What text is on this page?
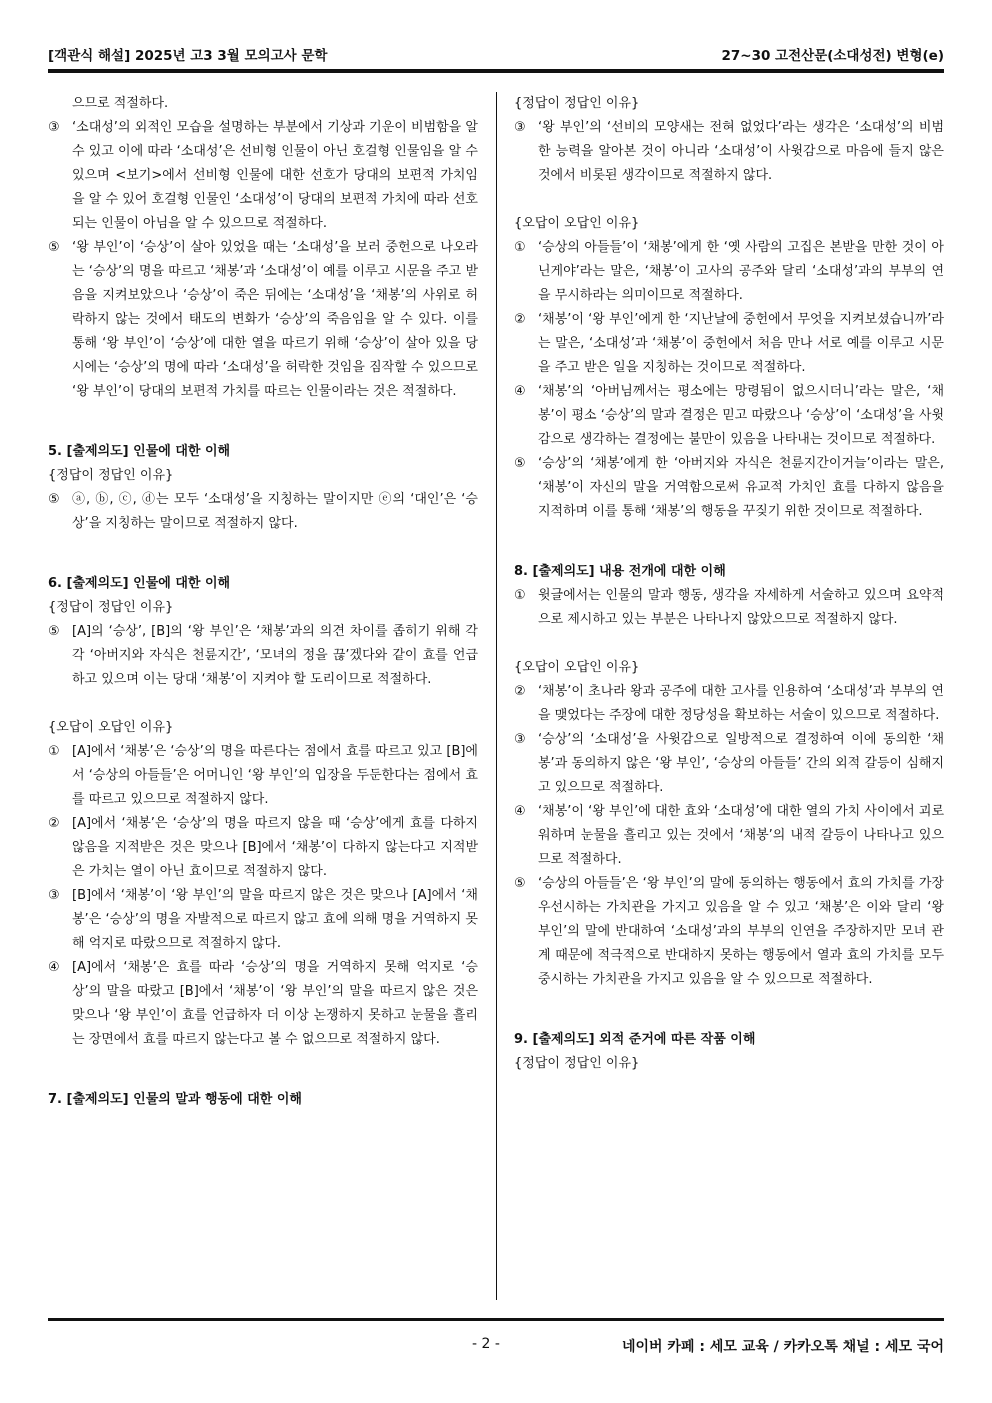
[객관식 해설] 2025년 고3 3월 모의고사 문학	27~30 고전산문(소대성전) 변형(e)
으므로 적절하다.
③ ‘소대성’의 외적인 모습을 설명하는 부분에서 기상과 기운이 비범함을 알 수 있고 이에 따라 ‘소대성’은 선비형 인물이 아닌 호걸형 인물임을 알 수 있으며 <보기>에서 선비형 인물에 대한 선호가 당대의 보편적 가치임을 알 수 있어 호걸형 인물인 ‘소대성’이 당대의 보편적 가치에 따라 선호되는 인물이 아님을 알 수 있으므로 적절하다.
⑤ ‘왕 부인’이 ‘승상’이 살아 있었을 때는 ‘소대성’을 보러 중헌으로 나오라는 ‘승상’의 명을 따르고 ‘채봉’과 ‘소대성’이 예를 이루고 시문을 주고 받음을 지켜보았으나 ‘승상’이 죽은 뒤에는 ‘소대성’을 ‘채봉’의 사위로 허락하지 않는 것에서 태도의 변화가 ‘승상’의 죽음임을 알 수 있다. 이를 통해 ‘왕 부인’이 ‘승상’에 대한 열을 따르기 위해 ‘승상’이 살아 있을 당시에는 ‘승상’의 명에 따라 ‘소대성’을 허락한 것임을 짐작할 수 있으므로 ‘왕 부인’이 당대의 보편적 가치를 따르는 인물이라는 것은 적절하다.
5. [출제의도] 인물에 대한 이해
{정답이 정답인 이유}
⑤ ⓐ, ⓑ, ⓒ, ⓓ는 모두 ‘소대성’을 지칭하는 말이지만 ⓔ의 ‘대인’은 ‘승상’을 지칭하는 말이므로 적절하지 않다.
6. [출제의도] 인물에 대한 이해
{정답이 정답인 이유}
⑤ [A]의 ‘승상’, [B]의 ‘왕 부인’은 ‘채봉’과의 의견 차이를 좁히기 위해 각각 ‘아버지와 자식은 천륜지간’, ‘모녀의 정을 끊’겠다와 같이 효를 언급하고 있으며 이는 당대 ‘채봉’이 지켜야 할 도리이므로 적절하다.
{오답이 오답인 이유}
① [A]에서 ‘채봉’은 ‘승상’의 명을 따른다는 점에서 효를 따르고 있고 [B]에서 ‘승상의 아들들’은 어머니인 ‘왕 부인’의 입장을 두둔한다는 점에서 효를 따르고 있으므로 적절하지 않다.
② [A]에서 ‘채봉’은 ‘승상’의 명을 따르지 않을 때 ‘승상’에게 효를 다하지 않음을 지적받은 것은 맞으나 [B]에서 ‘채봉’이 다하지 않는다고 지적받은 가치는 열이 아닌 효이므로 적절하지 않다.
③ [B]에서 ‘채봉’이 ‘왕 부인’의 말을 따르지 않은 것은 맞으나 [A]에서 ‘채봉’은 ‘승상’의 명을 자발적으로 따르지 않고 효에 의해 명을 거역하지 못해 억지로 따랐으므로 적절하지 않다.
④ [A]에서 ‘채봉’은 효를 따라 ‘승상’의 명을 거역하지 못해 억지로 ‘승상’의 말을 따랐고 [B]에서 ‘채봉’이 ‘왕 부인’의 말을 따르지 않은 것은 맞으나 ‘왕 부인’이 효를 언급하자 더 이상 논쟁하지 못하고 눈물을 흘리는 장면에서 효를 따르지 않는다고 볼 수 없으므로 적절하지 않다.
7. [출제의도] 인물의 말과 행동에 대한 이해
{정답이 정답인 이유}
③ ‘왕 부인’의 ‘선비의 모양새는 전혀 없었다’라는 생각은 ‘소대성’의 비범한 능력을 알아본 것이 아니라 ‘소대성’이 사윗감으로 마음에 들지 않은 것에서 비롯된 생각이므로 적절하지 않다.
{오답이 오답인 이유}
① ‘승상의 아들들’이 ‘채봉’에게 한 ‘옛 사람의 고집은 본받을 만한 것이 아닌게야’라는 말은, ‘채봉’이 고사의 공주와 달리 ‘소대성’과의 부부의 연을 무시하라는 의미이므로 적절하다.
② ‘채봉’이 ‘왕 부인’에게 한 ‘지난날에 중헌에서 무엇을 지켜보셨습니까’라는 말은, ‘소대성’과 ‘채봉’이 중헌에서 처음 만나 서로 예를 이루고 시문을 주고 받은 일을 지칭하는 것이므로 적절하다.
④ ‘채봉’의 ‘아버님께서는 평소에는 망령됨이 없으시더니’라는 말은, ‘채봉’이 평소 ‘승상’의 말과 결정은 믿고 따랐으나 ‘승상’이 ‘소대성’을 사윗감으로 생각하는 결정에는 불만이 있음을 나타내는 것이므로 적절하다.
⑤ ‘승상’의 ‘채봉’에게 한 ‘아버지와 자식은 천륜지간이거늘’이라는 말은, ‘채봉’이 자신의 말을 거역함으로써 유교적 가치인 효를 다하지 않음을 지적하며 이를 통해 ‘채봉’의 행동을 꾸짖기 위한 것이므로 적절하다.
8. [출제의도] 내용 전개에 대한 이해
① 윗글에서는 인물의 말과 행동, 생각을 자세하게 서술하고 있으며 요약적으로 제시하고 있는 부분은 나타나지 않았으므로 적절하지 않다.
{오답이 오답인 이유}
② ‘채봉’이 초나라 왕과 공주에 대한 고사를 인용하여 ‘소대성’과 부부의 연을 맺었다는 주장에 대한 정당성을 확보하는 서술이 있으므로 적절하다.
③ ‘승상’의 ‘소대성’을 사윗감으로 일방적으로 결정하여 이에 동의한 ‘채봉’과 동의하지 않은 ‘왕 부인’, ‘승상의 아들들’ 간의 외적 갈등이 심해지고 있으므로 적절하다.
④ ‘채봉’이 ‘왕 부인’에 대한 효와 ‘소대성’에 대한 열의 가치 사이에서 괴로워하며 눈물을 흘리고 있는 것에서 ‘채봉’의 내적 갈등이 나타나고 있으므로 적절하다.
⑤ ‘승상의 아들들’은 ‘왕 부인’의 말에 동의하는 행동에서 효의 가치를 가장 우선시하는 가치관을 가지고 있음을 알 수 있고 ‘채봉’은 이와 달리 ‘왕 부인’의 말에 반대하여 ‘소대성’과의 부부의 인연을 주장하지만 모녀 관계 때문에 적극적으로 반대하지 못하는 행동에서 열과 효의 가치를 모두 중시하는 가치관을 가지고 있음을 알 수 있으므로 적절하다.
9. [출제의도] 외적 준거에 따른 작품 이해
{정답이 정답인 이유}
- 2 -	네이버 카페 : 세모 교육 / 카카오톡 채널 : 세모 국어
